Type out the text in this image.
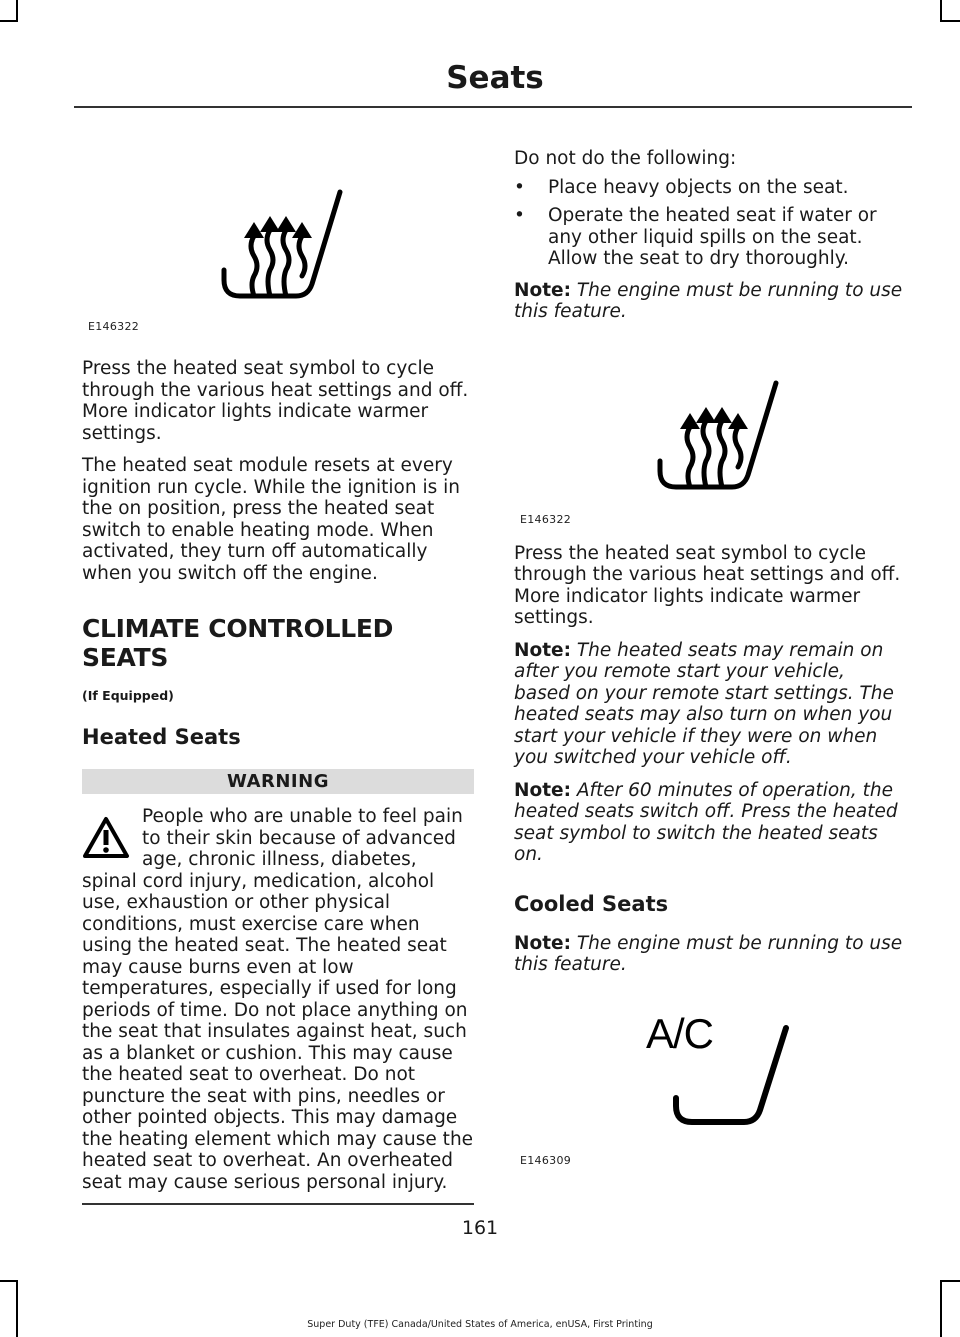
Seats
E146322

Press the heated seat symbol to cycle through the various heat settings and off. More indicator lights indicate warmer settings.

The heated seat module resets at every ignition run cycle. While the ignition is in the on position, press the heated seat switch to enable heating mode. When activated, they turn off automatically when you switch off the engine.

CLIMATE CONTROLLED SEATS
(If Equipped)
Heated Seats
WARNING

People who are unable to feel pain to their skin because of advanced age, chronic illness, diabetes, spinal cord injury, medication, alcohol use, exhaustion or other physical conditions, must exercise care when using the heated seat. The heated seat may cause burns even at low temperatures, especially if used for long periods of time. Do not place anything on the seat that insulates against heat, such as a blanket or cushion. This may cause the heated seat to overheat. Do not puncture the seat with pins, needles or other pointed objects. This may damage the heating element which may cause the heated seat to overheat. An overheated seat may cause serious personal injury.

Do not do the following:

• Place heavy objects on the seat.
• Operate the heated seat if water or any other liquid spills on the seat. Allow the seat to dry thoroughly.

Note: The engine must be running to use this feature.

E146322

Press the heated seat symbol to cycle through the various heat settings and off. More indicator lights indicate warmer settings.

Note: The heated seats may remain on after you remote start your vehicle, based on your remote start settings. The heated seats may also turn on when you start your vehicle if they were on when you switched your vehicle off.

Note: After 60 minutes of operation, the heated seats switch off. Press the heated seat symbol to switch the heated seats on.

Cooled Seats

Note: The engine must be running to use this feature.

A/C
E146309
161
Super Duty (TFE) Canada/United States of America, enUSA, First Printing
